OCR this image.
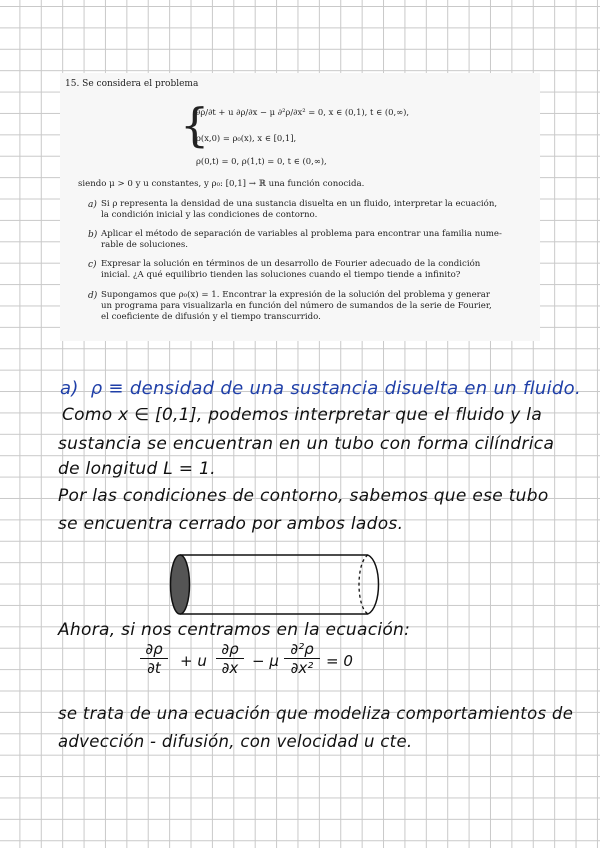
15. Se considera el problema
{
∂ρ/∂t + u ∂ρ/∂x − μ ∂²ρ/∂x² = 0, x ∈ (0,1), t ∈ (0,∞),
ρ(x,0) = ρ₀(x), x ∈ [0,1],
ρ(0,t) = 0, ρ(1,t) = 0, t ∈ (0,∞),
siendo μ > 0 y u constantes, y ρ₀: [0,1] → ℝ una función conocida.
a) Si ρ representa la densidad de una sustancia disuelta en un fluido, interpretar la ecuación,
la condición inicial y las condiciones de contorno.
b) Aplicar el método de separación de variables al problema para encontrar una familia nume-
rable de soluciones.
c) Expresar la solución en términos de un desarrollo de Fourier adecuado de la condición
inicial. ¿A qué equilibrio tienden las soluciones cuando el tiempo tiende a infinito?
d) Supongamos que ρ₀(x) = 1. Encontrar la expresión de la solución del problema y generar
un programa para visualizarla en función del número de sumandos de la serie de Fourier,
el coeficiente de difusión y el tiempo transcurrido.
a) ρ ≡ densidad de una sustancia disuelta en un fluido.
Como x ∈ [0,1], podemos interpretar que el fluido y la
sustancia se encuentran en un tubo con forma cilíndrica
de longitud L = 1.
Por las condiciones de contorno, sabemos que ese tubo
se encuentra cerrado por ambos lados.
Ahora, si nos centramos en la ecuación:
$\frac{\partial\rho}{\partial t} + u \frac{\partial\rho}{\partial x} - \mu \frac{\text{∂²ρ}}{\text{∂x²}} = 0$
se trata de una ecuación que modeliza comportamientos de
advección - difusión, con velocidad u cte.
